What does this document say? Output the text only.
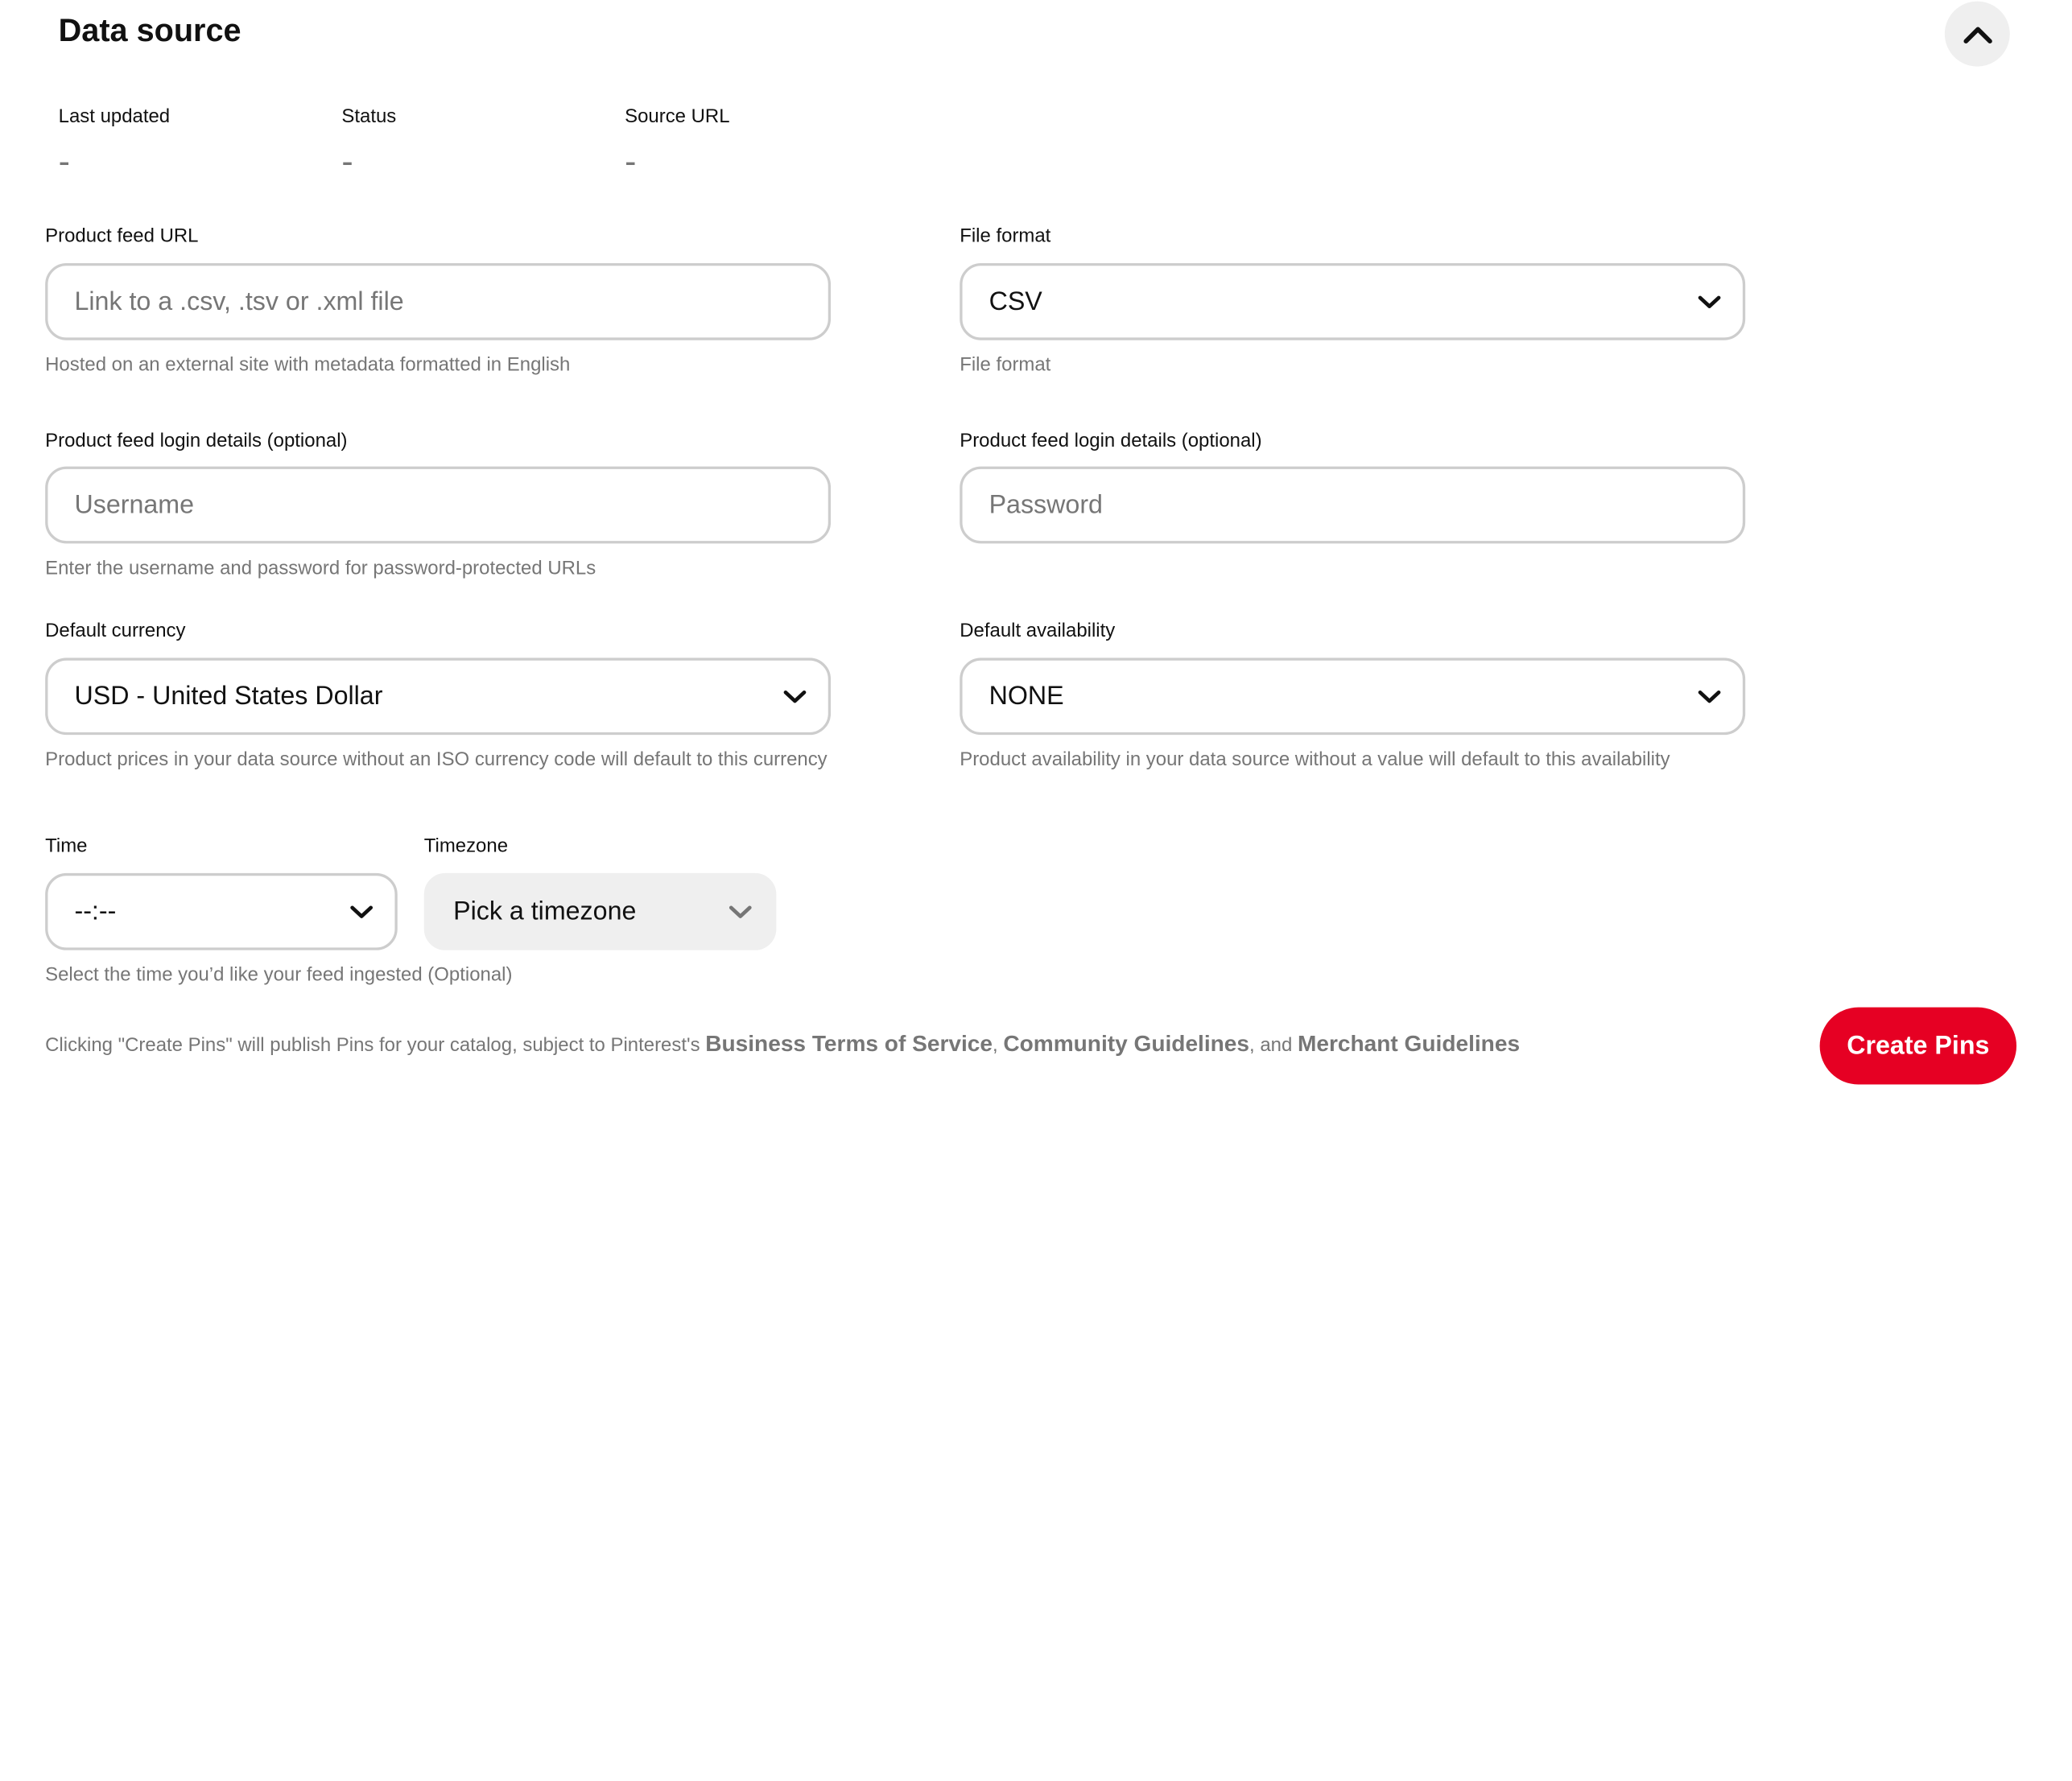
Data source
Last updated
-
Status
-
Source URL
-
Product feed URL
Link to a .csv, .tsv or .xml file
Hosted on an external site with metadata formatted in English
File format
CSV
File format
Product feed login details (optional)
Username
Enter the username and password for password-protected URLs
Product feed login details (optional)
Password
Default currency
USD - United States Dollar
Product prices in your data source without an ISO currency code will default to this currency
Default availability
NONE
Product availability in your data source without a value will default to this availability
Time
--:--
Select the time you’d like your feed ingested (Optional)
Timezone
Pick a timezone
Clicking "Create Pins" will publish Pins for your catalog, subject to Pinterest's Business Terms of Service, Community Guidelines, and Merchant Guidelines	Create Pins
